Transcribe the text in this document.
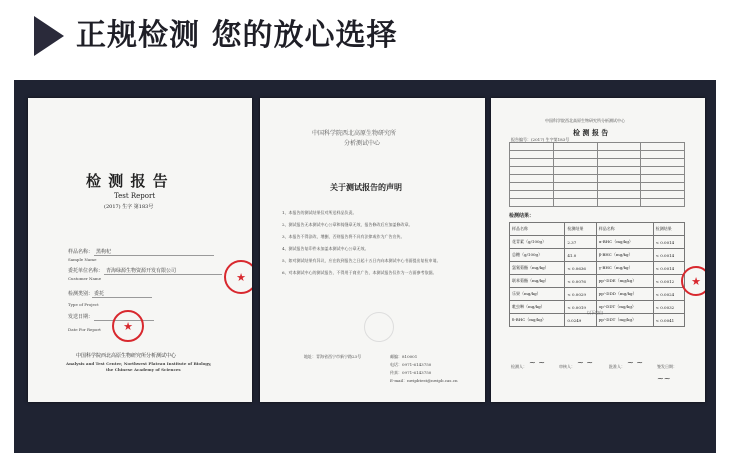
正规检测 您的放心选择
检 测 报 告
Test Report
(2017) 生字 第183号
样品名称： 黑枸杞
Sample Name
委托单位名称： 青海绿源生物资源开发有限公司
Customer Name
检测类别： 委托
Type of Project
发送日期：
Date For Report ★
★
中国科学院西北高原生物研究所分析测试中心
Analysis and Test Center, Northwest Plateau Institute of Biology,
the Chinese Academy of Sciences
中国科学院西北高原生物研究所
分析测试中心
关于测试报告的声明
1、本报告的测试结果仅对所送样品负责。
2、测试报告无本测试中心公章和骑缝章无效，报告修改后应加盖修改章。
3、本报告不得涂改、增删，否则报告将不具有法律或作为广告宣传。
4、测试报告复印件未加盖本测试中心公章无效。
5、如对测试结果有异议，应在收到报告之日起十五日内向本测试中心书面提出复检申请。
6、对本测试中心的测试报告，不得用于商业广告，本测试报告仅作为一方面参考依据。
地址：青海省西宁市新宁路23号	邮编：810001
电话：0971-6143750
传真：0971-6143750
E-mail：nwipbtest@nwipb.cas.cn
中国科学院西北高原生物研究所分析测试中心
检 测 报 告
报告编号：(2017) 生字第183号

检测结果：
样品名称	检测结果	样品名称	检测结果
花青素（g/100g）	2.37	α-BHC（mg/kg）	< 0.0014
总糖（g/100g）	41.0	β-BHC（mg/kg）	< 0.0014
氯氰菊酯（mg/kg）	< 0.0636	γ-BHC（mg/kg）	< 0.0014
联苯菊酯（mg/kg）	< 0.0076	pp'-DDE（mg/kg）	< 0.0012
乐果（mg/kg）	< 0.0029	pp'-DDD（mg/kg）	< 0.0024
吡虫啉（mg/kg）	< 0.0019	op'-DDT（mg/kg）	< 0.0032
δ-BHC（mg/kg）	0.0249	pp'-DDT（mg/kg）	< 0.0041
以下空白
★
检测人： ~ ~	审核人： ~ ~	批准人： ~ ~	签发日期：
~~
